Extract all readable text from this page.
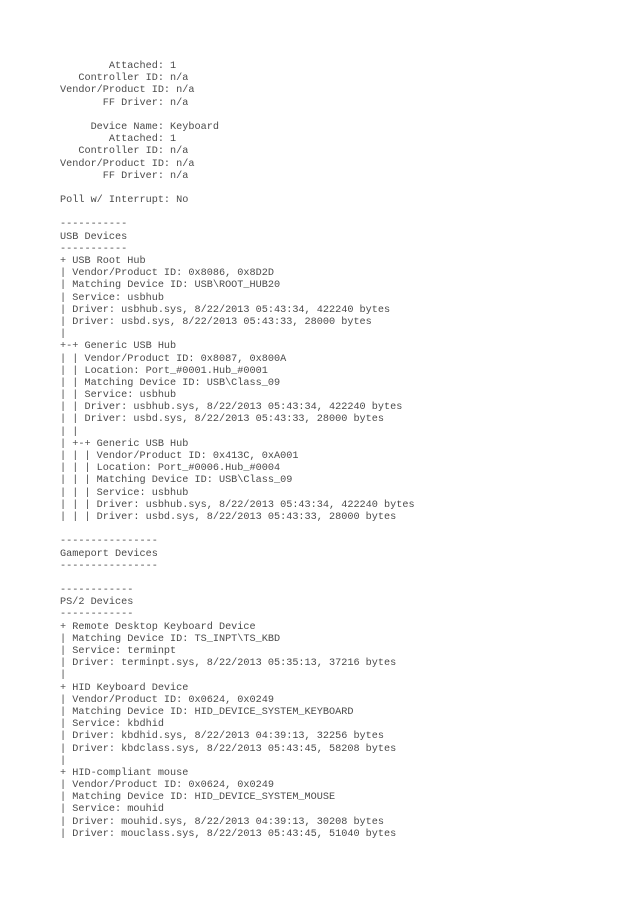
Attached: 1
Controller ID: n/a
Vendor/Product ID: n/a
FF Driver: n/a
Device Name: Keyboard
Attached: 1
Controller ID: n/a
Vendor/Product ID: n/a
FF Driver: n/a
Poll w/ Interrupt: No
-----------
USB Devices
-----------
+ USB Root Hub
| Vendor/Product ID: 0x8086, 0x8D2D
| Matching Device ID: USB\ROOT_HUB20
| Service: usbhub
| Driver: usbhub.sys, 8/22/2013 05:43:34, 422240 bytes
| Driver: usbd.sys, 8/22/2013 05:43:33, 28000 bytes
|
+-+ Generic USB Hub
| | Vendor/Product ID: 0x8087, 0x800A
| | Location: Port_#0001.Hub_#0001
| | Matching Device ID: USB\Class_09
| | Service: usbhub
| | Driver: usbhub.sys, 8/22/2013 05:43:34, 422240 bytes
| | Driver: usbd.sys, 8/22/2013 05:43:33, 28000 bytes
| |
| +-+ Generic USB Hub
| | | Vendor/Product ID: 0x413C, 0xA001
| | | Location: Port_#0006.Hub_#0004
| | | Matching Device ID: USB\Class_09
| | | Service: usbhub
| | | Driver: usbhub.sys, 8/22/2013 05:43:34, 422240 bytes
| | | Driver: usbd.sys, 8/22/2013 05:43:33, 28000 bytes
----------------
Gameport Devices
----------------
------------
PS/2 Devices
------------
+ Remote Desktop Keyboard Device
| Matching Device ID: TS_INPT\TS_KBD
| Service: terminpt
| Driver: terminpt.sys, 8/22/2013 05:35:13, 37216 bytes
|
+ HID Keyboard Device
| Vendor/Product ID: 0x0624, 0x0249
| Matching Device ID: HID_DEVICE_SYSTEM_KEYBOARD
| Service: kbdhid
| Driver: kbdhid.sys, 8/22/2013 04:39:13, 32256 bytes
| Driver: kbdclass.sys, 8/22/2013 05:43:45, 58208 bytes
|
+ HID-compliant mouse
| Vendor/Product ID: 0x0624, 0x0249
| Matching Device ID: HID_DEVICE_SYSTEM_MOUSE
| Service: mouhid
| Driver: mouhid.sys, 8/22/2013 04:39:13, 30208 bytes
| Driver: mouclass.sys, 8/22/2013 05:43:45, 51040 bytes
